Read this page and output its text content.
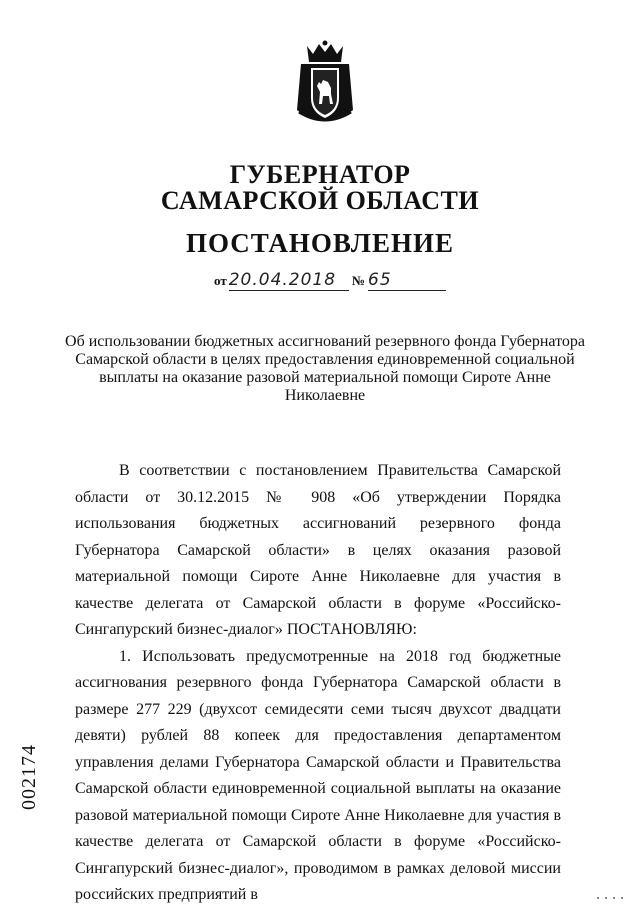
ГУБЕРНАТОР
САМАРСКОЙ ОБЛАСТИ
ПОСТАНОВЛЕНИЕ
от 20.04.2018 № 65

Об использовании бюджетных ассигнований резервного фонда Губернатора Самарской области в целях предоставления единовременной социальной выплаты на оказание разовой материальной помощи Сироте Анне Николаевне

В соответствии с постановлением Правительства Самарской области от 30.12.2015 № 908 «Об утверждении Порядка использования бюджетных ассигнований резервного фонда Губернатора Самарской области» в целях оказания разовой материальной помощи Сироте Анне Николаевне для участия в качестве делегата от Самарской области в форуме «Российско-Сингапурский бизнес-диалог» ПОСТАНОВЛЯЮ:

1. Использовать предусмотренные на 2018 год бюджетные ассигнования резервного фонда Губернатора Самарской области в размере 277 229 (двухсот семидесяти семи тысяч двухсот двадцати девяти) рублей 88 копеек для предоставления департаментом управления делами Губернатора Самарской области и Правительства Самарской области единовременной социальной выплаты на оказание разовой материальной помощи Сироте Анне Николаевне для участия в качестве делегата от Самарской области в форуме «Российско-Сингапурский бизнес-диалог», проводимом в рамках деловой миссии российских предприятий в

002174
